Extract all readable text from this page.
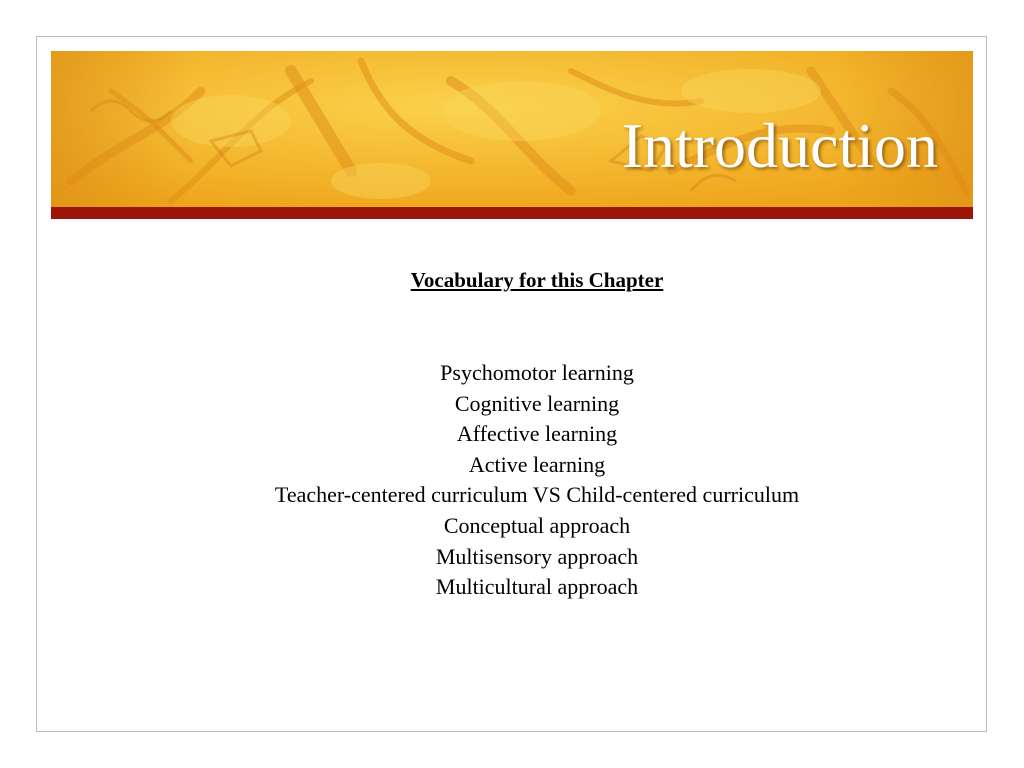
Introduction

Vocabulary for this Chapter

Psychomotor learning
Cognitive learning
Affective learning
Active learning
Teacher-centered curriculum VS Child-centered curriculum
Conceptual approach
Multisensory approach
Multicultural approach
